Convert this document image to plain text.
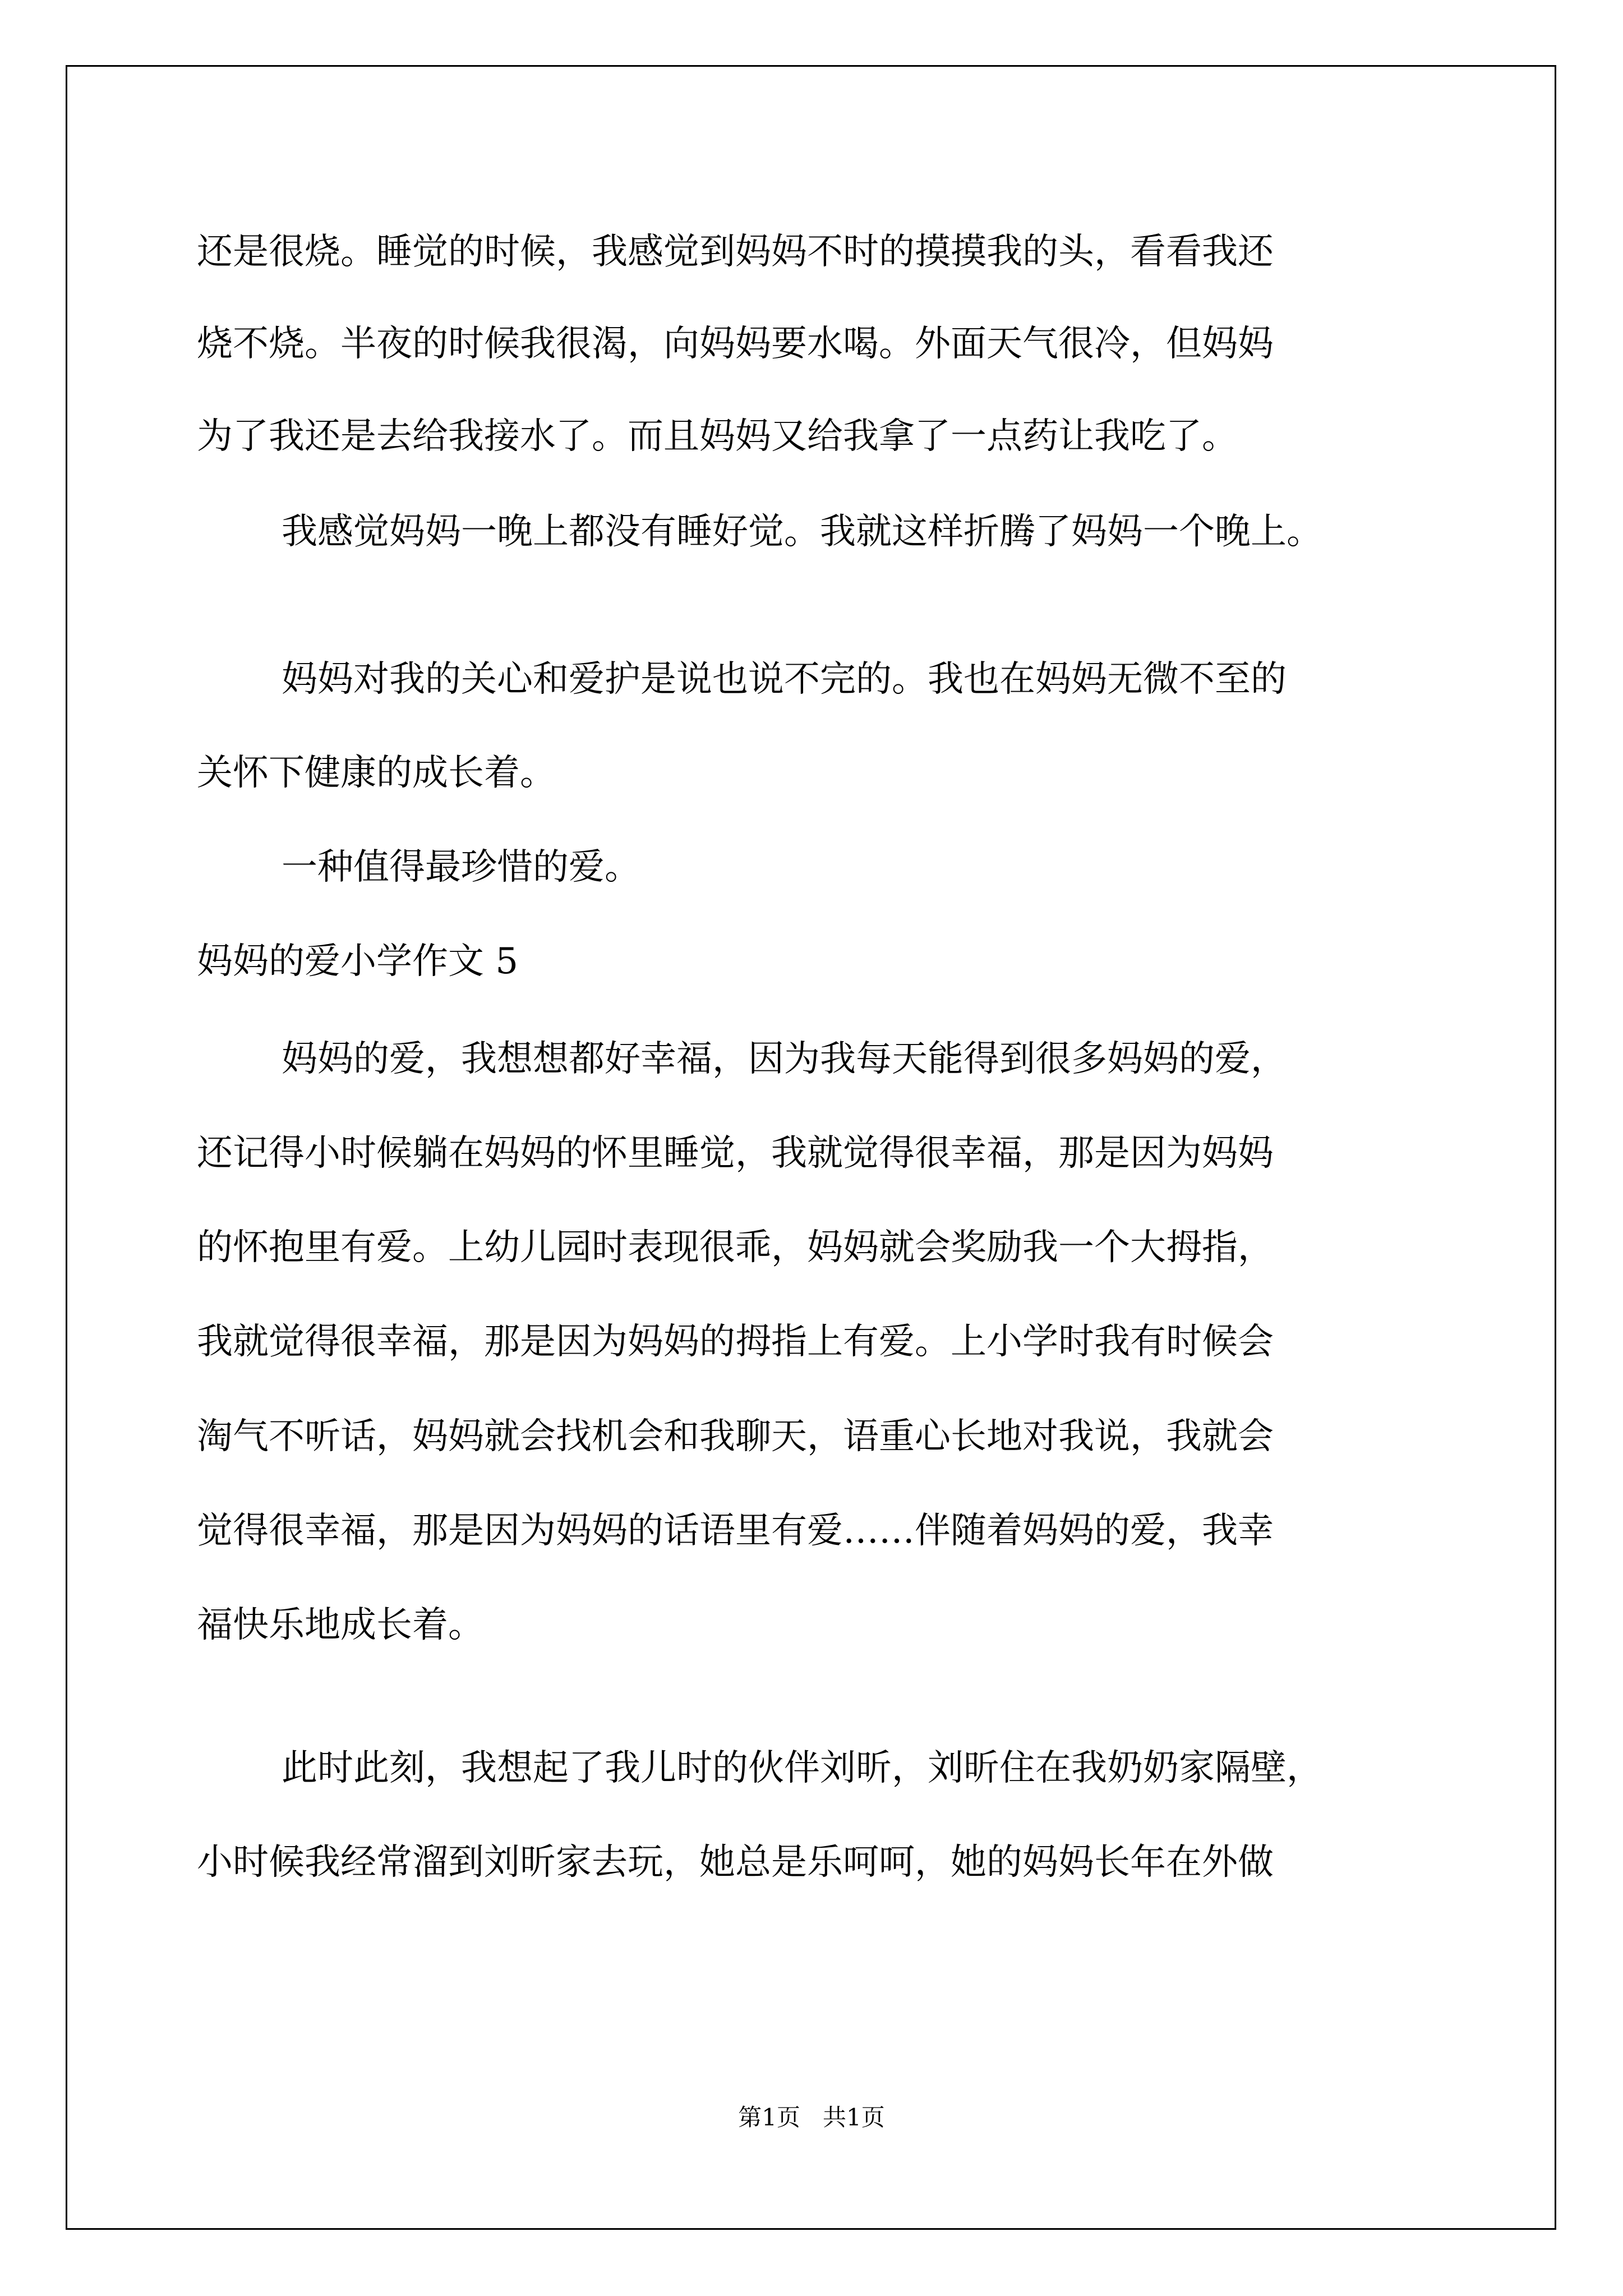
还是很烧。睡觉的时候，我感觉到妈妈不时的摸摸我的头，看看我还
烧不烧。半夜的时候我很渴，向妈妈要水喝。外面天气很冷，但妈妈
为了我还是去给我接水了。而且妈妈又给我拿了一点药让我吃了。
我感觉妈妈一晚上都没有睡好觉。我就这样折腾了妈妈一个晚上。
妈妈对我的关心和爱护是说也说不完的。我也在妈妈无微不至的
关怀下健康的成长着。
一种值得最珍惜的爱。
妈妈的爱小学作文 5
妈妈的爱，我想想都好幸福，因为我每天能得到很多妈妈的爱，
还记得小时候躺在妈妈的怀里睡觉，我就觉得很幸福，那是因为妈妈
的怀抱里有爱。上幼儿园时表现很乖，妈妈就会奖励我一个大拇指，
我就觉得很幸福，那是因为妈妈的拇指上有爱。上小学时我有时候会
淘气不听话，妈妈就会找机会和我聊天，语重心长地对我说，我就会
觉得很幸福，那是因为妈妈的话语里有爱……伴随着妈妈的爱，我幸
福快乐地成长着。
此时此刻，我想起了我儿时的伙伴刘昕，刘昕住在我奶奶家隔壁，
小时候我经常溜到刘昕家去玩，她总是乐呵呵，她的妈妈长年在外做
第1页   共1页
